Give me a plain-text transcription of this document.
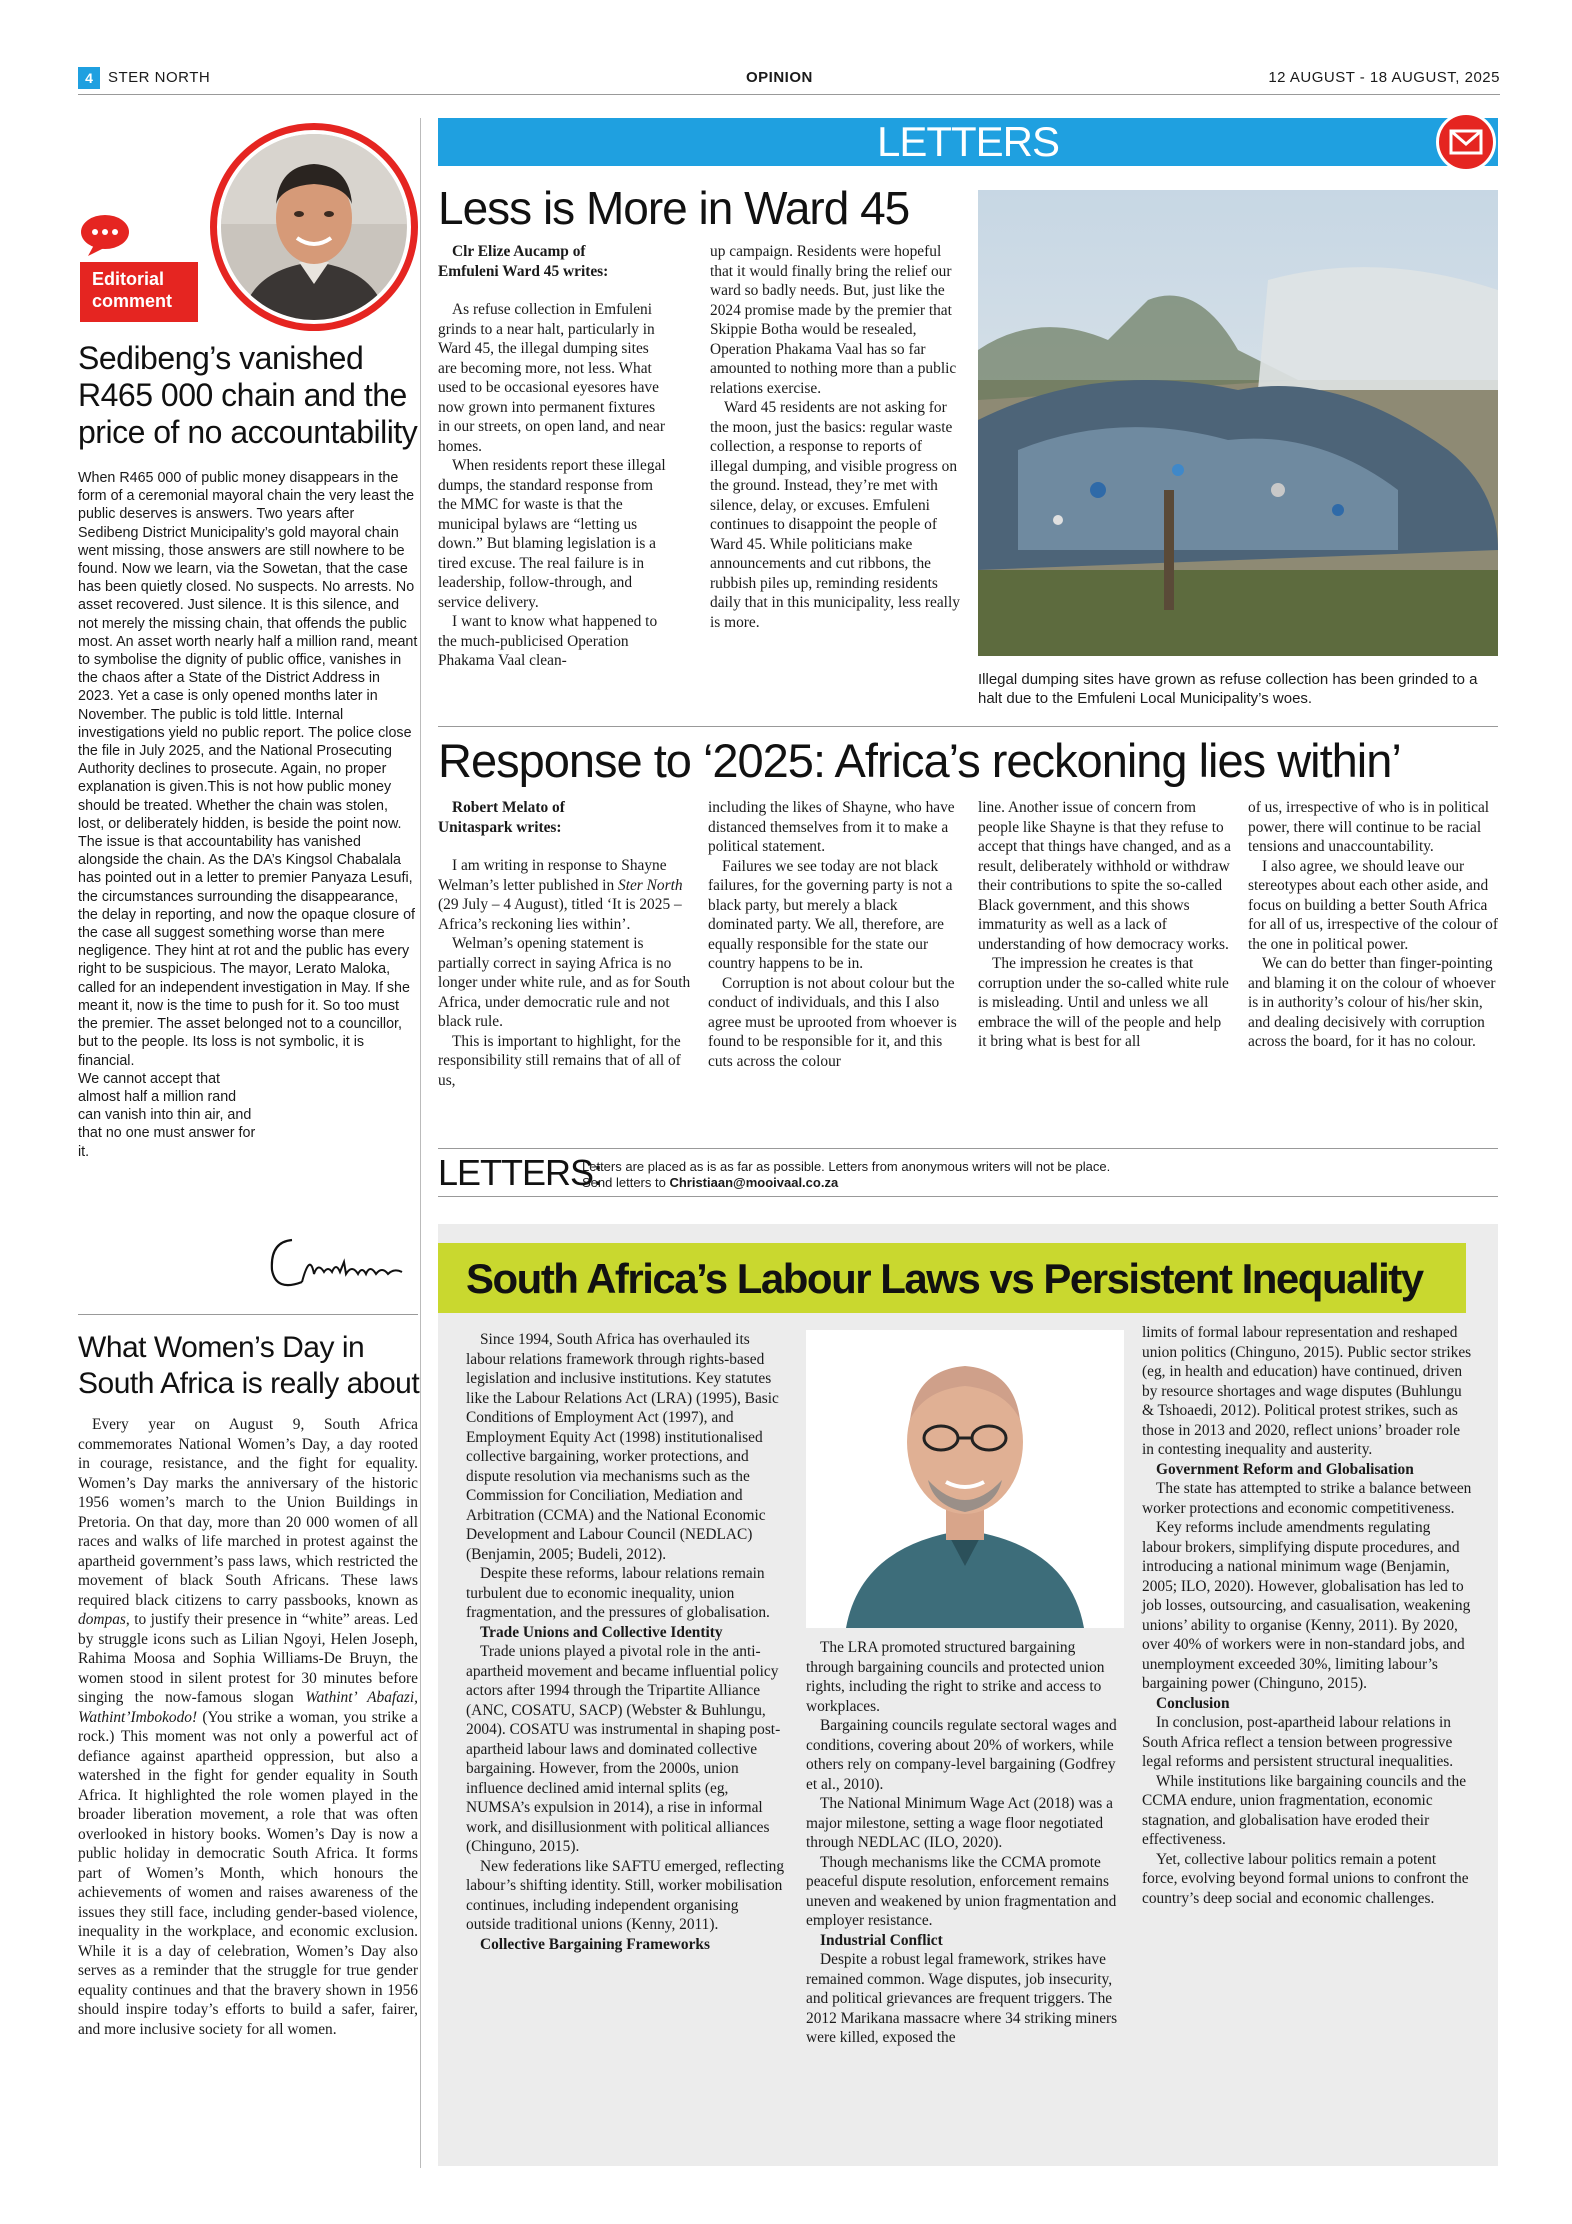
4	STER NORTH	OPINION	12 AUGUST - 18 AUGUST, 2025
Editorial
comment
Sedibeng’s vanished R465 000 chain and the price of no accountability

When R465 000 of public money disappears in the form of a ceremonial mayoral chain the very least the public deserves is answers. Two years after Sedibeng District Municipality’s gold mayoral chain went missing, those answers are still nowhere to be found. Now we learn, via the Sowetan, that the case has been quietly closed. No suspects. No arrests. No asset recovered. Just silence. It is this silence, and not merely the missing chain, that offends the public most. An asset worth nearly half a million rand, meant to symbolise the dignity of public office, vanishes in the chaos after a State of the District Address in 2023. Yet a case is only opened months later in November. The public is told little. Internal investigations yield no public report. The police close the file in July 2025, and the National Prosecuting Authority declines to prosecute. Again, no proper explanation is given.This is not how public money should be treated. Whether the chain was stolen, lost, or deliberately hidden, is beside the point now. The issue is that accountability has vanished alongside the chain. As the DA’s Kingsol Chabalala has pointed out in a letter to premier Panyaza Lesufi, the circumstances surrounding the disappearance, the delay in reporting, and now the opaque closure of the case all suggest something worse than mere negligence. They hint at rot and the public has every right to be suspicious. The mayor, Lerato Maloka, called for an independent investigation in May. If she meant it, now is the time to push for it. So too must the premier. The asset belonged not to a councillor, but to the people. Its loss is not symbolic, it is financial.

We cannot accept that almost half a million rand can vanish into thin air, and that no one must answer for it.

What Women’s Day in South Africa is really about

Every year on August 9, South Africa commemorates National Women’s Day, a day rooted in courage, resistance, and the fight for equality. Women’s Day marks the anniversary of the historic 1956 women’s march to the Union Buildings in Pretoria. On that day, more than 20 000 women of all races and walks of life marched in protest against the apartheid government’s pass laws, which restricted the movement of black South Africans. These laws required black citizens to carry passbooks, known as dompas, to justify their presence in “white” areas. Led by struggle icons such as Lilian Ngoyi, Helen Joseph, Rahima Moosa and Sophia Williams-De Bruyn, the women stood in silent protest for 30 minutes before singing the now-famous slogan Wathint’ Abafazi, Wathint’Imbokodo! (You strike a woman, you strike a rock.) This moment was not only a powerful act of defiance against apartheid oppression, but also a watershed in the fight for gender equality in South Africa. It highlighted the role women played in the broader liberation movement, a role that was often overlooked in history books. Women’s Day is now a public holiday in democratic South Africa. It forms part of Women’s Month, which honours the achievements of women and raises awareness of the issues they still face, including gender-based violence, inequality in the workplace, and economic exclusion. While it is a day of celebration, Women’s Day also serves as a reminder that the struggle for true gender equality continues and that the bravery shown in 1956 should inspire today’s efforts to build a safer, fairer, and more inclusive society for all women.

LETTERS
Less is More in Ward 45
Clr Elize Aucamp of
Emfuleni Ward 45 writes:

As refuse collection in Emfuleni grinds to a near halt, particularly in Ward 45, the illegal dumping sites are becoming more, not less. What used to be occasional eyesores have now grown into permanent fixtures in our streets, on open land, and near homes.

When residents report these illegal dumps, the standard response from the MMC for waste is that the municipal bylaws are “letting us down.” But blaming legislation is a tired excuse. The real failure is in leadership, follow-through, and service delivery.

I want to know what happened to the much-publicised Operation Phakama Vaal clean-

up campaign. Residents were hopeful that it would finally bring the relief our ward so badly needs. But, just like the 2024 promise made by the premier that Skippie Botha would be resealed, Operation Phakama Vaal has so far amounted to nothing more than a public relations exercise.

Ward 45 residents are not asking for the moon, just the basics: regular waste collection, a response to reports of illegal dumping, and visible progress on the ground. Instead, they’re met with silence, delay, or excuses. Emfuleni continues to disappoint the people of Ward 45. While politicians make announcements and cut ribbons, the rubbish piles up, reminding residents daily that in this municipality, less really is more.

Illegal dumping sites have grown as refuse collection has been grinded to a halt due to the Emfuleni Local Municipality’s woes.
Response to ‘2025: Africa’s reckoning lies within’
Robert Melato of
Unitaspark writes:

I am writing in response to Shayne Welman’s letter published in Ster North (29 July – 4 August), titled ‘It is 2025 – Africa’s reckoning lies within’.

Welman’s opening statement is partially correct in saying Africa is no longer under white rule, and as for South Africa, under democratic rule and not black rule.

This is important to highlight, for the responsibility still remains that of all of us,

including the likes of Shayne, who have distanced themselves from it to make a political statement.

Failures we see today are not black failures, for the governing party is not a black party, but merely a black dominated party. We all, therefore, are equally responsible for the state our country happens to be in.

Corruption is not about colour but the conduct of individuals, and this I also agree must be uprooted from whoever is found to be responsible for it, and this cuts across the colour

line. Another issue of concern from people like Shayne is that they refuse to accept that things have changed, and as a result, deliberately withhold or withdraw their contributions to spite the so-called Black government, and this shows immaturity as well as a lack of understanding of how democracy works.

The impression he creates is that corruption under the so-called white rule is misleading. Until and unless we all embrace the will of the people and help it bring what is best for all

of us, irrespective of who is in political power, there will continue to be racial tensions and unaccountability.

I also agree, we should leave our stereotypes about each other aside, and focus on building a better South Africa for all of us, irrespective of the colour of the one in political power.

We can do better than finger-pointing and blaming it on the colour of whoever is in authority’s colour of his/her skin, and dealing decisively with corruption across the board, for it has no colour.

LETTERS:
Letters are placed as is as far as possible. Letters from anonymous writers will not be place. Send letters to Christiaan@mooivaal.co.za
South Africa’s Labour Laws vs Persistent Inequality

Since 1994, South Africa has overhauled its labour relations framework through rights-based legislation and inclusive institutions. Key statutes like the Labour Relations Act (LRA) (1995), Basic Conditions of Employment Act (1997), and Employment Equity Act (1998) institutionalised collective bargaining, worker protections, and dispute resolution via mechanisms such as the Commission for Conciliation, Mediation and Arbitration (CCMA) and the National Economic Development and Labour Council (NEDLAC) (Benjamin, 2005; Budeli, 2012).

Despite these reforms, labour relations remain turbulent due to economic inequality, union fragmentation, and the pressures of globalisation.

Trade Unions and Collective Identity

Trade unions played a pivotal role in the anti-apartheid movement and became influential policy actors after 1994 through the Tripartite Alliance (ANC, COSATU, SACP) (Webster & Buhlungu, 2004). COSATU was instrumental in shaping post-apartheid labour laws and dominated collective bargaining. However, from the 2000s, union influence declined amid internal splits (eg, NUMSA’s expulsion in 2014), a rise in informal work, and disillusionment with political alliances (Chinguno, 2015).

New federations like SAFTU emerged, reflecting labour’s shifting identity. Still, worker mobilisation continues, including independent organising outside traditional unions (Kenny, 2011).

Collective Bargaining Frameworks

The LRA promoted structured bargaining through bargaining councils and protected union rights, including the right to strike and access to workplaces.

Bargaining councils regulate sectoral wages and conditions, covering about 20% of workers, while others rely on company-level bargaining (Godfrey et al., 2010).

The National Minimum Wage Act (2018) was a major milestone, setting a wage floor negotiated through NEDLAC (ILO, 2020).

Though mechanisms like the CCMA promote peaceful dispute resolution, enforcement remains uneven and weakened by union fragmentation and employer resistance.

Industrial Conflict

Despite a robust legal framework, strikes have remained common. Wage disputes, job insecurity, and political grievances are frequent triggers. The 2012 Marikana massacre where 34 striking miners were killed, exposed the

limits of formal labour representation and reshaped union politics (Chinguno, 2015). Public sector strikes (eg, in health and education) have continued, driven by resource shortages and wage disputes (Buhlungu & Tshoaedi, 2012). Political protest strikes, such as those in 2013 and 2020, reflect unions’ broader role in contesting inequality and austerity.

Government Reform and Globalisation

The state has attempted to strike a balance between worker protections and economic competitiveness.

Key reforms include amendments regulating labour brokers, simplifying dispute procedures, and introducing a national minimum wage (Benjamin, 2005; ILO, 2020). However, globalisation has led to job losses, outsourcing, and casualisation, weakening unions’ ability to organise (Kenny, 2011). By 2020, over 40% of workers were in non-standard jobs, and unemployment exceeded 30%, limiting labour’s bargaining power (Chinguno, 2015).

Conclusion

In conclusion, post-apartheid labour relations in South Africa reflect a tension between progressive legal reforms and persistent structural inequalities.

While institutions like bargaining councils and the CCMA endure, union fragmentation, economic stagnation, and globalisation have eroded their effectiveness.

Yet, collective labour politics remain a potent force, evolving beyond formal unions to confront the country’s deep social and economic challenges.
